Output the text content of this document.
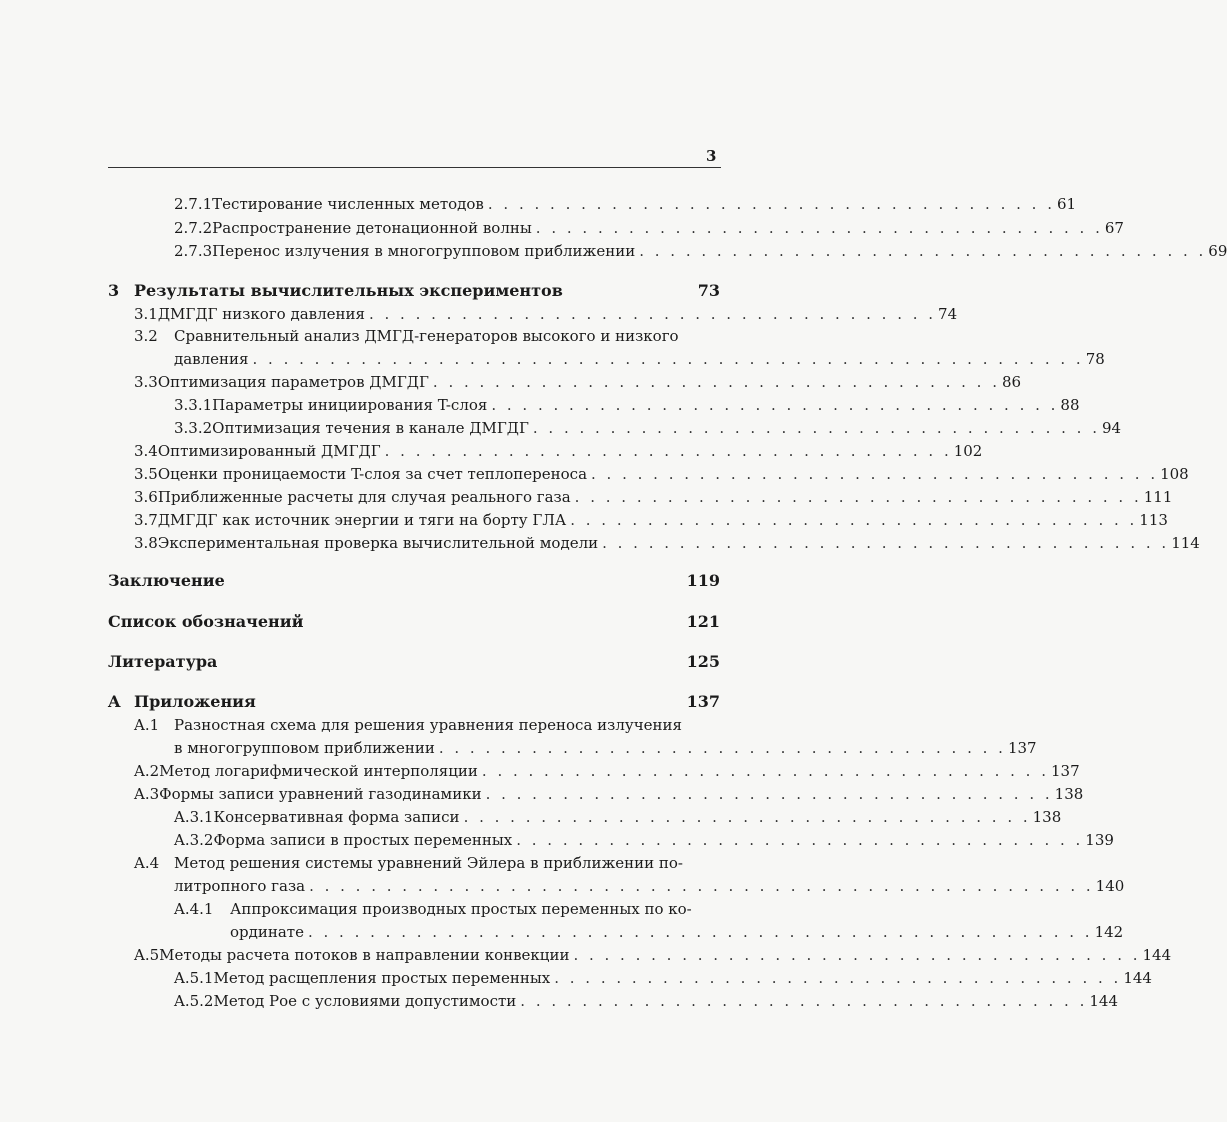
3
2.7.1 Тестирование численных методов . . . . . . . . . . . . . . . . . . . . . . . . . . . . . . . . . . . . . 61
2.7.2 Распространение детонационной волны . . . . . . . . . . . . . . . . . . . . . . . . . . . . . . . . . . . . . 67
2.7.3 Перенос излучения в многогрупповом приближении . . . . . . . . . . . . . . . . . . . . . . . . . . . . . . . . . . . . . 69
3 Результаты вычислительных экспериментов	73
3.1 ДМГДГ низкого давления . . . . . . . . . . . . . . . . . . . . . . . . . . . . . . . . . . . . . 74
3.2	Сравнительный анализ ДМГД-генераторов высокого и низкого
давления . . . . . . . . . . . . . . . . . . . . . . . . . . . . . . . . . . . . . . . . . . . . . . . . . . . . . . 78
3.3 Оптимизация параметров ДМГДГ . . . . . . . . . . . . . . . . . . . . . . . . . . . . . . . . . . . . . 86
3.3.1 Параметры инициирования T-слоя . . . . . . . . . . . . . . . . . . . . . . . . . . . . . . . . . . . . . 88
3.3.2 Оптимизация течения в канале ДМГДГ . . . . . . . . . . . . . . . . . . . . . . . . . . . . . . . . . . . . . 94
3.4 Оптимизированный ДМГДГ . . . . . . . . . . . . . . . . . . . . . . . . . . . . . . . . . . . . . 102
3.5 Оценки проницаемости T-слоя за счет теплопереноса . . . . . . . . . . . . . . . . . . . . . . . . . . . . . . . . . . . . . 108
3.6 Приближенные расчеты для случая реального газа . . . . . . . . . . . . . . . . . . . . . . . . . . . . . . . . . . . . . 111
3.7 ДМГДГ как источник энергии и тяги на борту ГЛА . . . . . . . . . . . . . . . . . . . . . . . . . . . . . . . . . . . . . 113
3.8 Экспериментальная проверка вычислительной модели . . . . . . . . . . . . . . . . . . . . . . . . . . . . . . . . . . . . . 114
Заключение	119
Список обозначений	121
Литература	125
A Приложения	137
A.1 Разностная схема для решения уравнения переноса излучения
в многогрупповом приближении . . . . . . . . . . . . . . . . . . . . . . . . . . . . . . . . . . . . . 137
A.2 Метод логарифмической интерполяции . . . . . . . . . . . . . . . . . . . . . . . . . . . . . . . . . . . . . 137
A.3 Формы записи уравнений газодинамики . . . . . . . . . . . . . . . . . . . . . . . . . . . . . . . . . . . . . 138
A.3.1 Консервативная форма записи . . . . . . . . . . . . . . . . . . . . . . . . . . . . . . . . . . . . . 138
A.3.2 Форма записи в простых переменных . . . . . . . . . . . . . . . . . . . . . . . . . . . . . . . . . . . . . 139
A.4 Метод решения системы уравнений Эйлера в приближении по-
литропного газа . . . . . . . . . . . . . . . . . . . . . . . . . . . . . . . . . . . . . . . . . . . . . . . . . . . 140
A.4.1	Аппроксимация производных простых переменных по ко-
ординате . . . . . . . . . . . . . . . . . . . . . . . . . . . . . . . . . . . . . . . . . . . . . . . . . . . 142
A.5 Методы расчета потоков в направлении конвекции . . . . . . . . . . . . . . . . . . . . . . . . . . . . . . . . . . . . . 144
A.5.1 Метод расщепления простых переменных . . . . . . . . . . . . . . . . . . . . . . . . . . . . . . . . . . . . . 144
A.5.2 Метод Рое с условиями допустимости . . . . . . . . . . . . . . . . . . . . . . . . . . . . . . . . . . . . . 144
